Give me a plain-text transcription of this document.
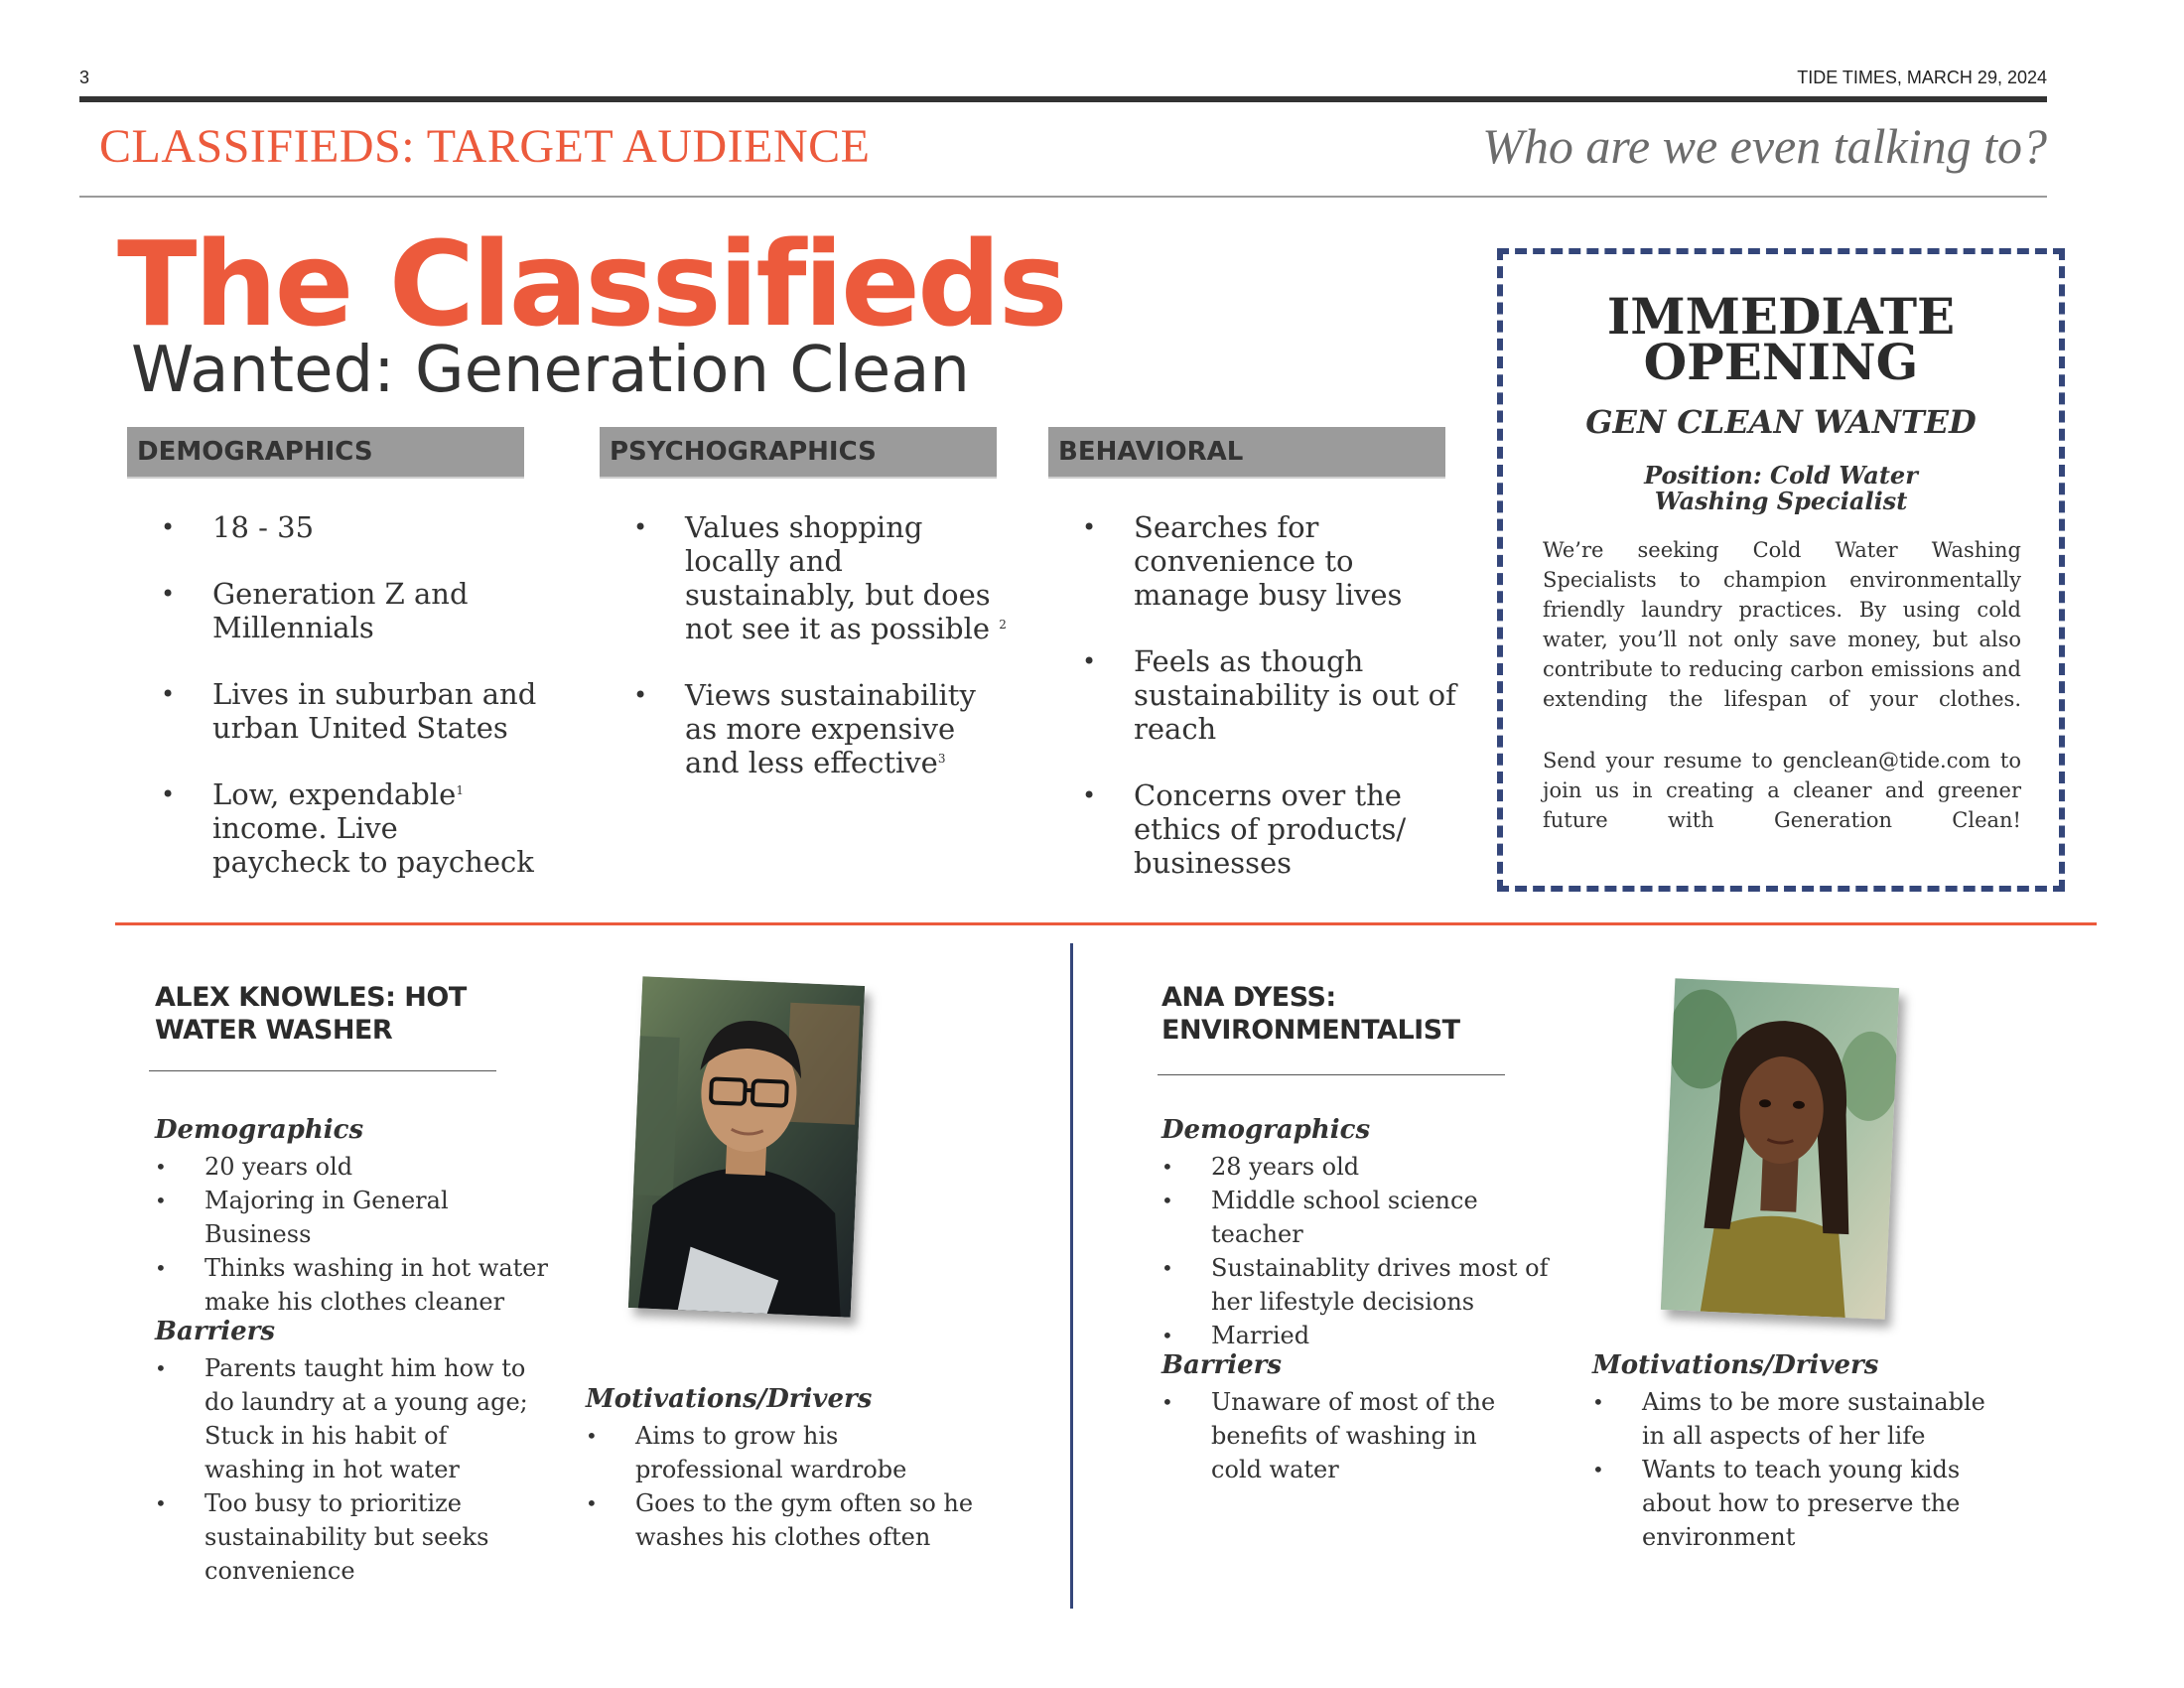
3	TIDE TIMES, MARCH 29, 2024
CLASSIFIEDS: TARGET AUDIENCE	Who are we even talking to?
The Classifieds
Wanted: Generation Clean
DEMOGRAPHICS
• 18 - 35
• Generation Z and Millennials
• Lives in suburban and urban United States
• Low, expendable$^1$ income. Live paycheck to paycheck
PSYCHOGRAPHICS
• Values shopping locally and sustainably, but does not see it as possible $^2$
• Views sustainability as more expensive and less effective$^3$
BEHAVIORAL
• Searches for convenience to manage busy lives
• Feels as though sustainability is out of reach
• Concerns over the ethics of products/ businesses
IMMEDIATE
OPENING
GEN CLEAN WANTED
Position: Cold Water
Washing Specialist

We’re seeking Cold Water Washing Specialists to champion environmentally friendly laundry practices. By using cold water, you’ll not only save money, but also contribute to reducing carbon emissions and extending the lifespan of your clothes.

Send your resume to genclean@tide.com to join us in creating a cleaner and greener future with Generation Clean!

ALEX KNOWLES: HOT
WATER WASHER
Demographics
• 20 years old
• Majoring in General Business
• Thinks washing in hot water make his clothes cleaner
Barriers
• Parents taught him how to do laundry at a young age; Stuck in his habit of washing in hot water
• Too busy to prioritize sustainability but seeks convenience
Motivations/Drivers
• Aims to grow his professional wardrobe
• Goes to the gym often so he washes his clothes often
ANA DYESS:
ENVIRONMENTALIST
Demographics
• 28 years old
• Middle school science teacher
• Sustainablity drives most of her lifestyle decisions
• Married
Barriers
• Unaware of most of the benefits of washing in cold water
Motivations/Drivers
• Aims to be more sustainable in all aspects of her life
• Wants to teach young kids about how to preserve the environment
